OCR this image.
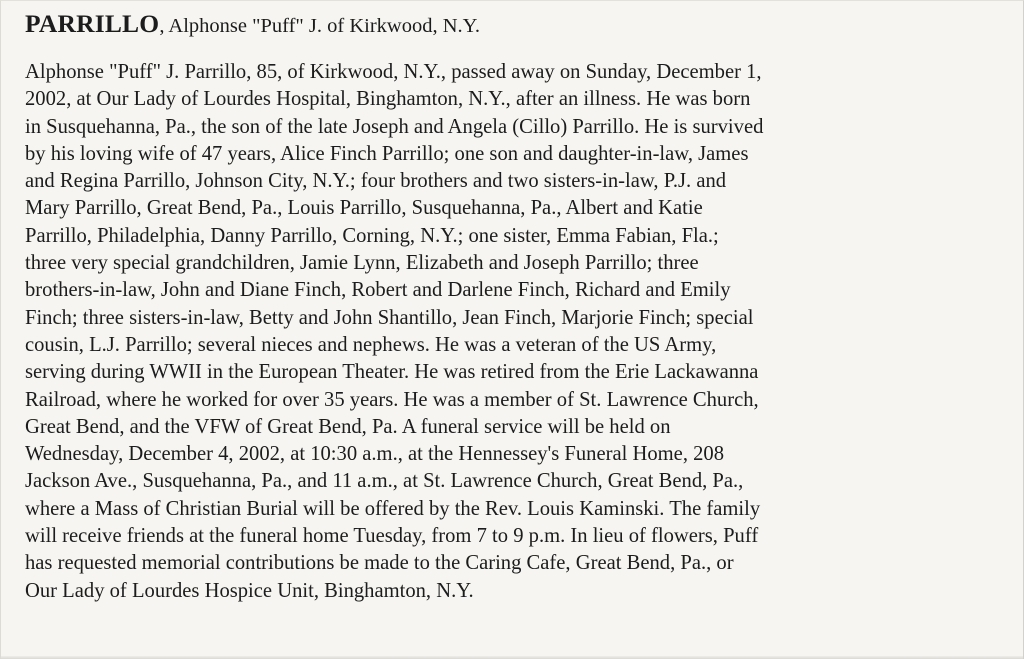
PARRILLO, Alphonse "Puff" J. of Kirkwood, N.Y.
Alphonse "Puff" J. Parrillo, 85, of Kirkwood, N.Y., passed away on Sunday, December 1,
2002, at Our Lady of Lourdes Hospital, Binghamton, N.Y., after an illness. He was born
in Susquehanna, Pa., the son of the late Joseph and Angela (Cillo) Parrillo. He is survived
by his loving wife of 47 years, Alice Finch Parrillo; one son and daughter-in-law, James
and Regina Parrillo, Johnson City, N.Y.; four brothers and two sisters-in-law, P.J. and
Mary Parrillo, Great Bend, Pa., Louis Parrillo, Susquehanna, Pa., Albert and Katie
Parrillo, Philadelphia, Danny Parrillo, Corning, N.Y.; one sister, Emma Fabian, Fla.;
three very special grandchildren, Jamie Lynn, Elizabeth and Joseph Parrillo; three
brothers-in-law, John and Diane Finch, Robert and Darlene Finch, Richard and Emily
Finch; three sisters-in-law, Betty and John Shantillo, Jean Finch, Marjorie Finch; special
cousin, L.J. Parrillo; several nieces and nephews. He was a veteran of the US Army,
serving during WWII in the European Theater. He was retired from the Erie Lackawanna
Railroad, where he worked for over 35 years. He was a member of St. Lawrence Church,
Great Bend, and the VFW of Great Bend, Pa. A funeral service will be held on
Wednesday, December 4, 2002, at 10:30 a.m., at the Hennessey's Funeral Home, 208
Jackson Ave., Susquehanna, Pa., and 11 a.m., at St. Lawrence Church, Great Bend, Pa.,
where a Mass of Christian Burial will be offered by the Rev. Louis Kaminski. The family
will receive friends at the funeral home Tuesday, from 7 to 9 p.m. In lieu of flowers, Puff
has requested memorial contributions be made to the Caring Cafe, Great Bend, Pa., or
Our Lady of Lourdes Hospice Unit, Binghamton, N.Y.
